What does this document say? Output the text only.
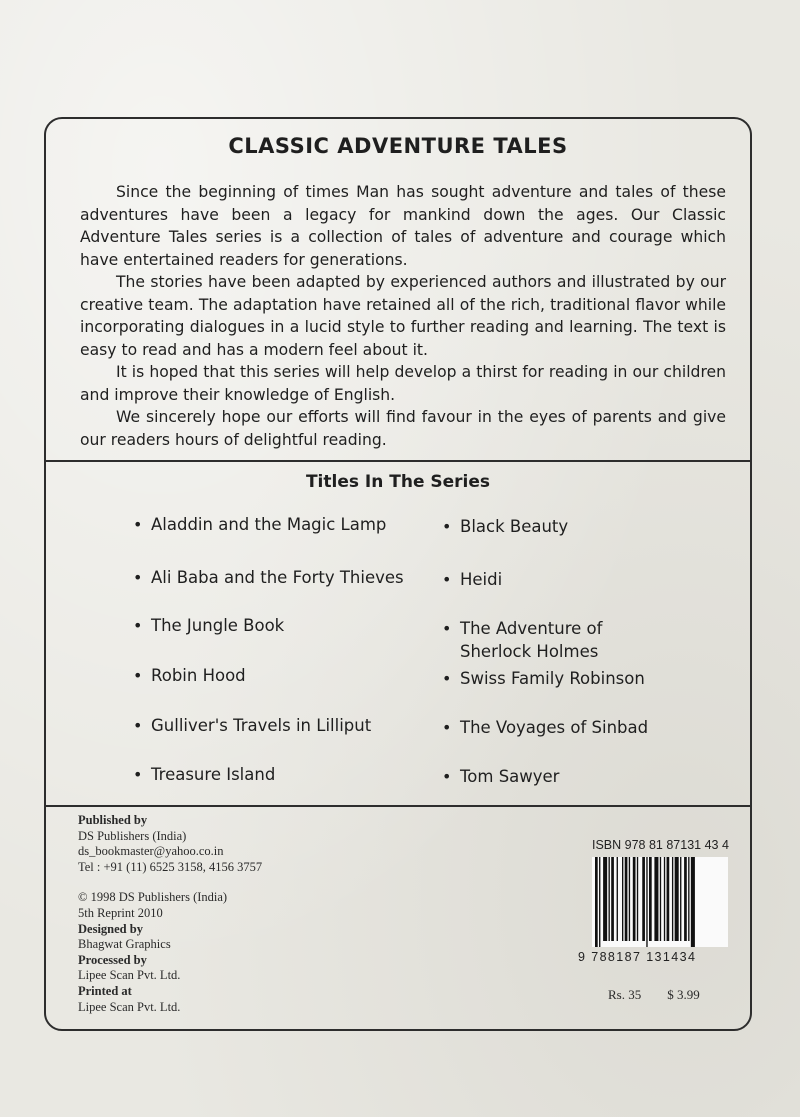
CLASSIC ADVENTURE TALES

Since the beginning of times Man has sought adventure and tales of these adventures have been a legacy for mankind down the ages. Our Classic Adventure Tales series is a collection of tales of adventure and courage which have entertained readers for generations.

The stories have been adapted by experienced authors and illustrated by our creative team. The adaptation have retained all of the rich, traditional flavor while incorporating dialogues in a lucid style to further reading and learning. The text is easy to read and has a modern feel about it.

It is hoped that this series will help develop a thirst for reading in our children and improve their knowledge of English.

We sincerely hope our efforts will find favour in the eyes of parents and give our readers hours of delightful reading.

Titles In The Series
• Aladdin and the Magic Lamp
• Ali Baba and the Forty Thieves
• The Jungle Book
• Robin Hood
• Gulliver's Travels in Lilliput
• Treasure Island
• Black Beauty
• Heidi
• The Adventure of
Sherlock Holmes
• Swiss Family Robinson
• The Voyages of Sinbad
• Tom Sawyer
Published by
DS Publishers (India)
ds_bookmaster@yahoo.co.in
Tel : +91 (11) 6525 3158, 4156 3757
© 1998 DS Publishers (India)
5th Reprint 2010
Designed by
Bhagwat Graphics
Processed by
Lipee Scan Pvt. Ltd.
Printed at
Lipee Scan Pvt. Ltd.
ISBN 978 81 87131 43 4
9 788187 131434
Rs. 35 $ 3.99
